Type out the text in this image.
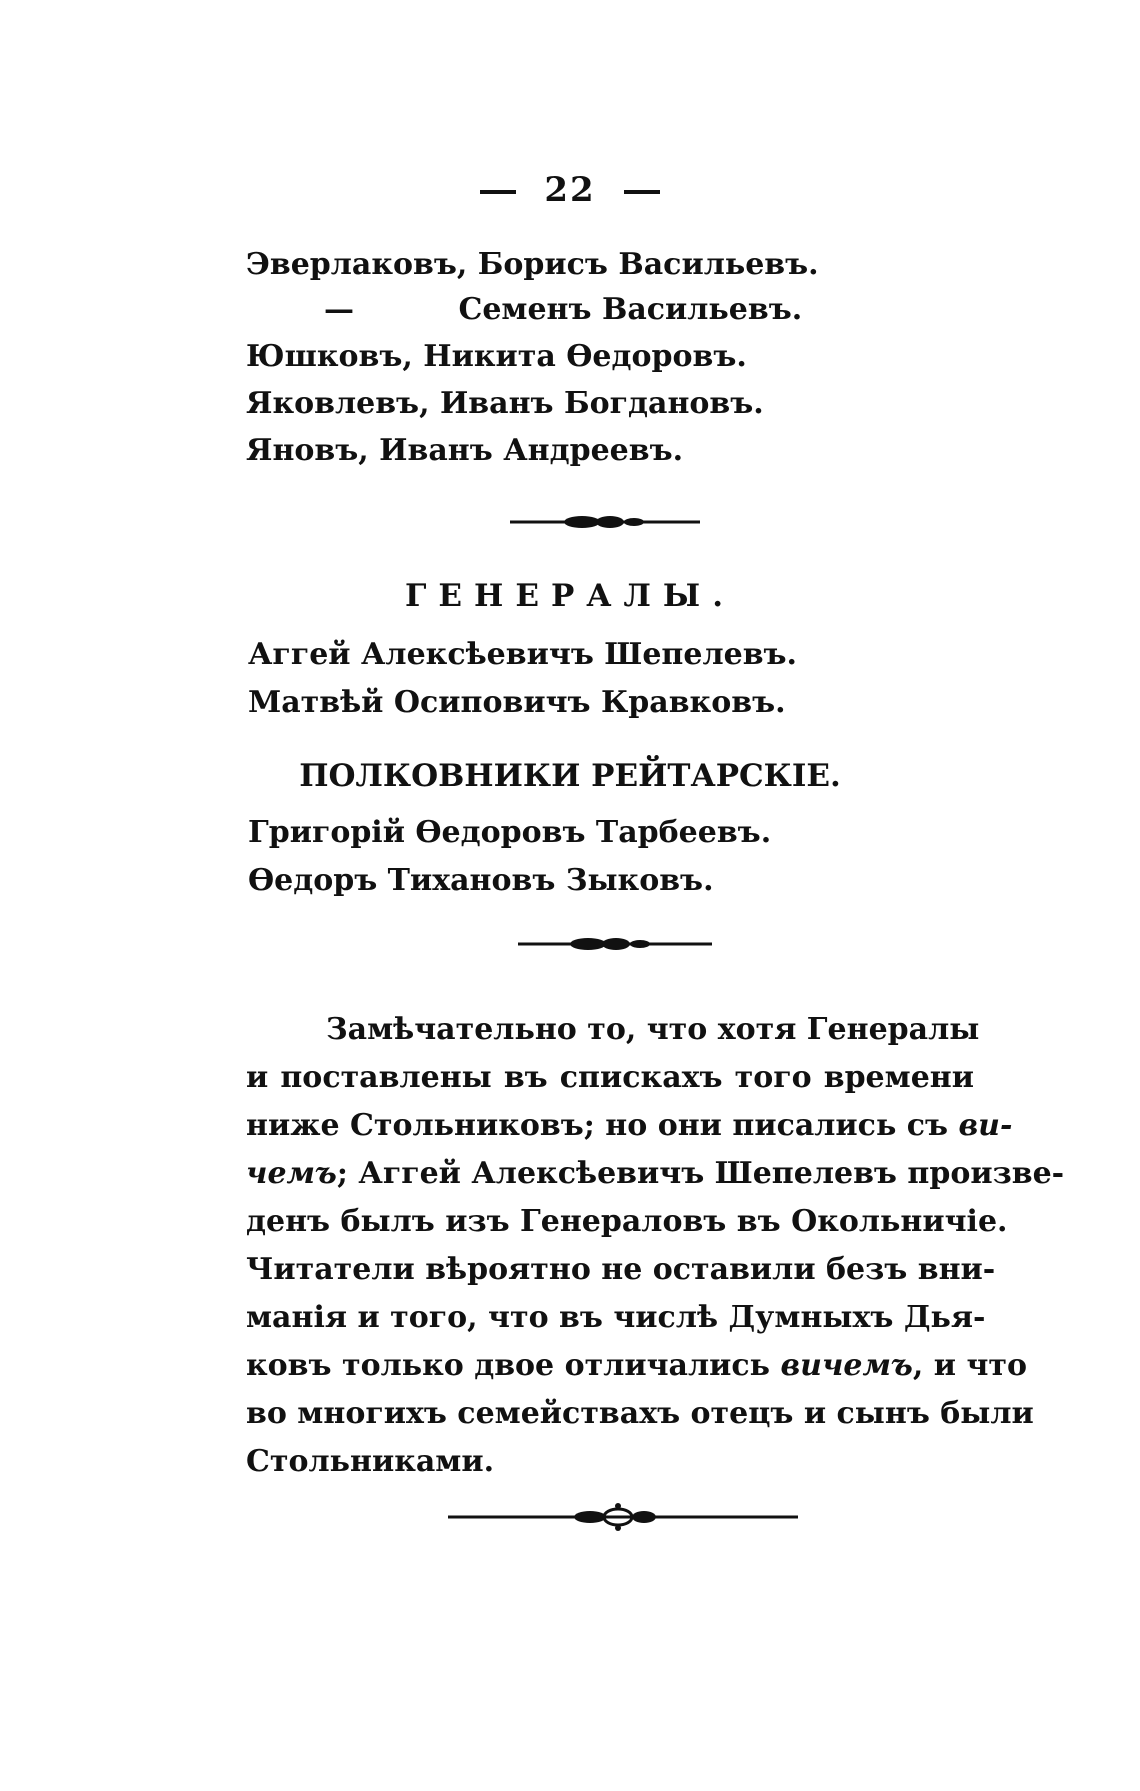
22
Эверлаковъ, Борисъ Васильевъ.
—          Семенъ Васильевъ.
Юшковъ, Никита Өедоровъ.
Яковлевъ, Иванъ Богдановъ.
Яновъ, Иванъ Андреевъ.
ГЕНЕРАЛЫ.
Аггей Алексѣевичъ Шепелевъ.
Матвѣй Осиповичъ Кравковъ.
ПОЛКОВНИКИ РЕЙТАРСКІЕ.
Григорій Өедоровъ Тарбеевъ.
Өедоръ Тихановъ Зыковъ.
Замѣчательно то, что хотя Генералы
и поставлены въ спискахъ того времени
ниже Стольниковъ; но они писались съ ви-
чемъ; Аггей Алексѣевичъ Шепелевъ произве-
денъ былъ изъ Генераловъ въ Окольничіе.
Читатели вѣроятно не оставили безъ вни-
манія и того, что въ числѣ Думныхъ Дья-
ковъ только двое отличались вичемъ, и что
во многихъ семействахъ отецъ и сынъ были
Стольниками.
